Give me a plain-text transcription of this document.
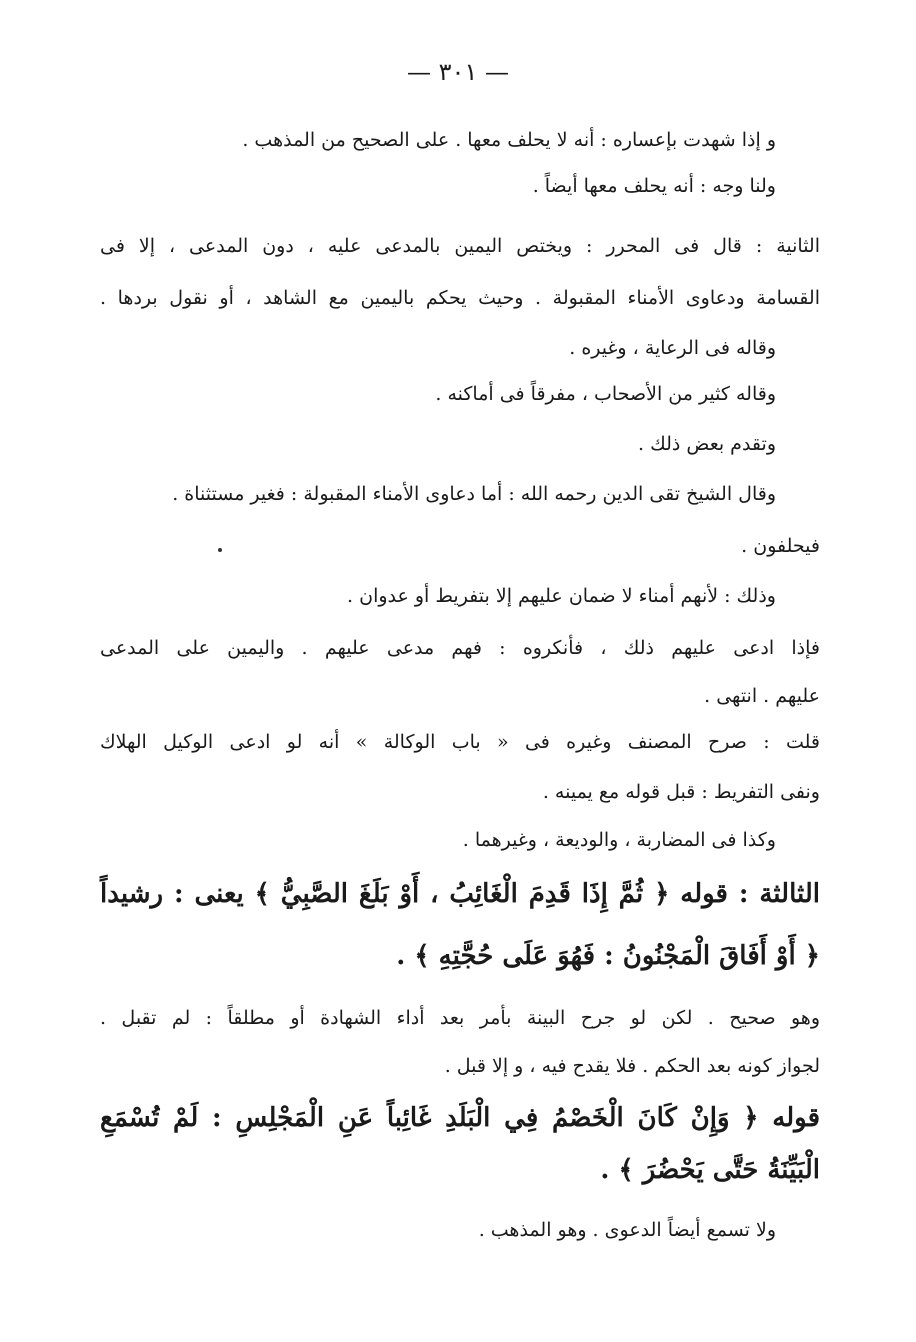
— ٣٠١ —
و إذا شهدت بإعساره : أنه لا يحلف معها . على الصحيح من المذهب .
ولنا وجه : أنه يحلف معها أيضاً .
الثانية : قال فى المحرر : ويختص اليمين بالمدعى عليه ، دون المدعى ، إلا فى
القسامة ودعاوى الأمناء المقبولة . وحيث يحكم باليمين مع الشاهد ، أو نقول بردها .
وقاله فى الرعاية ، وغيره .
وقاله كثير من الأصحاب ، مفرقاً فى أماكنه .
وتقدم بعض ذلك .
وقال الشيخ تقى الدين رحمه الله : أما دعاوى الأمناء المقبولة : فغير مستثناة .
فيحلفون .
وذلك : لأنهم أمناء لا ضمان عليهم إلا بتفريط أو عدوان .
فإذا ادعى عليهم ذلك ، فأنكروه : فهم مدعى عليهم . واليمين على المدعى
عليهم . انتهى .
قلت : صرح المصنف وغيره فى « باب الوكالة » أنه لو ادعى الوكيل الهلاك
ونفى التفريط : قبل قوله مع يمينه .
وكذا فى المضاربة ، والوديعة ، وغيرهما .
الثالثة : قوله ﴿ ثُمَّ إِذَا قَدِمَ الْغَائِبُ ، أَوْ بَلَغَ الصَّبِيُّ ﴾ يعنى : رشيداً
﴿ أَوْ أَفَاقَ الْمَجْنُونُ : فَهُوَ عَلَى حُجَّتِهِ ﴾ .
وهو صحيح . لكن لو جرح البينة بأمر بعد أداء الشهادة أو مطلقاً : لم تقبل .
لجواز كونه بعد الحكم . فلا يقدح فيه ، و إلا قبل .
قوله ﴿ وَإِنْ كَانَ الْخَصْمُ فِي الْبَلَدِ غَائِباً عَنِ الْمَجْلِسِ : لَمْ تُسْمَعِ
الْبَيِّنَةُ حَتَّى يَحْضُرَ ﴾ .
ولا تسمع أيضاً الدعوى . وهو المذهب .
